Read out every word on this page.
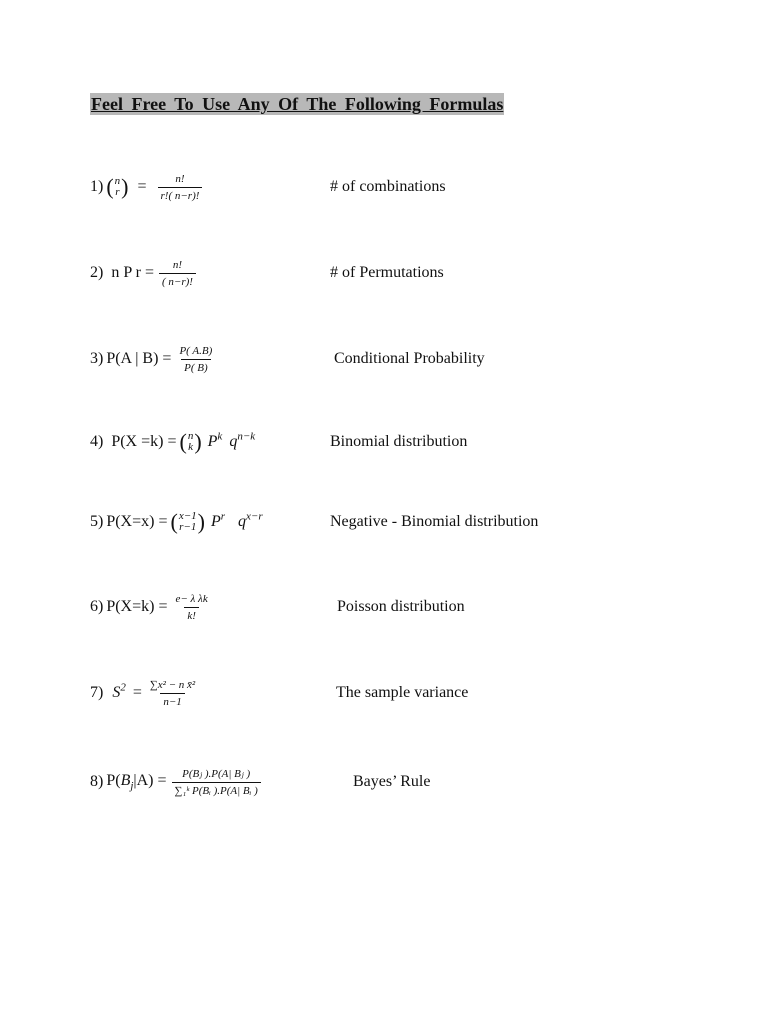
Feel Free To Use Any Of The Following Formulas
1) ( n
r ) = $\frac{n!}{r!( n-r)!}$	# of combinations
2) n P $r = \frac{n!}{( n-r)!}$	# of Permutations
3) P(A | $B) = \frac{P( A.B)}{P( B)}$	Conditional Probability
4) P(X =k) = ( n
k ) $P^k$ $q^{n-k}$	Binomial distribution
5) P(X=x) = ( x−1
r−1 ) $P^r$ $q^{x-r}$	Negative - Binomial distribution
6) $P(X=k) = \frac{\text{e− λ λk}}{k!}$	Poisson distribution
7) $S^2 = \frac{\text{∑x² − n x̄²}}{n-1}$	The sample variance
8) $P(B_j|A) = \frac{\text{P(Bⱼ ).P(A| Bⱼ )}}{\text{∑₁ᵏ P(Bᵢ ).P(A| Bᵢ )}}$	Bayes’ Rule
